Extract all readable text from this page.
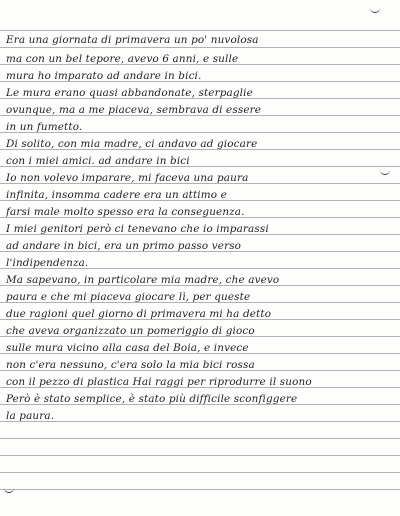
Era una giornata di primavera un po' nuvolosa
ma con un bel tepore, avevo 6 anni, e sulle
mura ho imparato ad andare in bici.
Le mura erano quasi abbandonate, sterpaglie
ovunque, ma a me piaceva, sembrava di essere
in un fumetto.
Di solito, con mia madre, ci andavo ad giocare
con i miei amici. ad andare in bici
Io non volevo imparare, mi faceva una paura
infinita, insomma cadere era un attimo e
farsi male molto spesso era la conseguenza.
I miei genitori però ci tenevano che io imparassi
ad andare in bici, era un primo passo verso
l'indipendenza.
Ma sapevano, in particolare mia madre, che avevo
paura e che mi piaceva giocare lì, per queste
due ragioni quel giorno di primavera mi ha detto
che aveva organizzato un pomeriggio di gioco
sulle mura vicino alla casa del Boia, e invece
non c'era nessuno, c'era solo la mia bici rossa
con il pezzo di plastica Hai raggi per riprodurre il suono
Però è stato semplice, è stato più difficile sconfiggere
la paura.
